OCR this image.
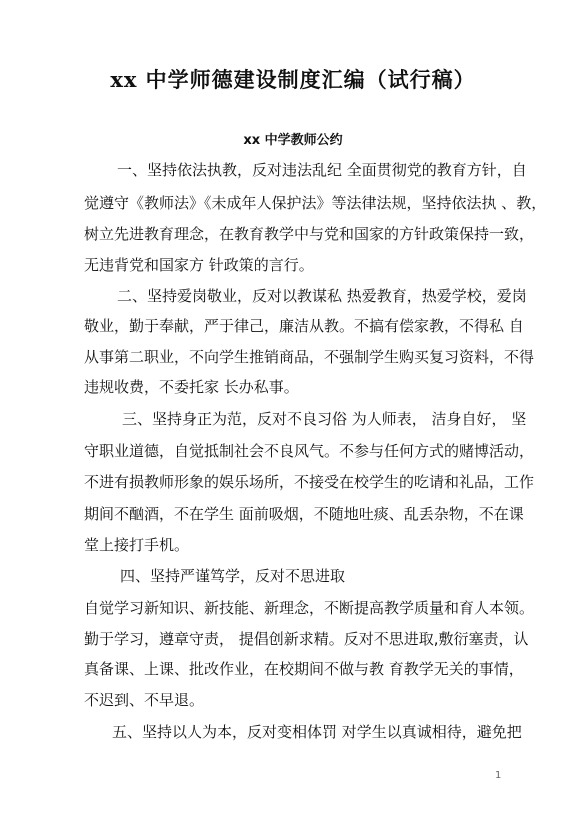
xx 中学师德建设制度汇编（试行稿）
xx 中学教师公约
一、坚持依法执教，反对违法乱纪 全面贯彻党的教育方针，自
觉遵守《教师法》《未成年人保护法》等法律法规，坚持依法执 、教，
树立先进教育理念，在教育教学中与党和国家的方针政策保持一致，
无违背党和国家方 针政策的言行。
二、坚持爱岗敬业，反对以教谋私 热爱教育，热爱学校，爱岗
敬业，勤于奉献，严于律己，廉洁从教。不搞有偿家教，不得私 自
从事第二职业，不向学生推销商品，不强制学生购买复习资料，不得
违规收费，不委托家 长办私事。
三、坚持身正为范，反对不良习俗 为人师表， 洁身自好， 坚
守职业道德，自觉抵制社会不良风气。不参与任何方式的赌博活动，
不进有损教师形象的娱乐场所，不接受在校学生的吃请和礼品，工作
期间不酗酒，不在学生 面前吸烟，不随地吐痰、乱丢杂物，不在课
堂上接打手机。
四、坚持严谨笃学，反对不思进取
自觉学习新知识、新技能、新理念，不断提高教学质量和育人本领。
勤于学习，遵章守责， 提倡创新求精。反对不思进取,敷衍塞责，认
真备课、上课、批改作业，在校期间不做与教 育教学无关的事情，
不迟到、不早退。
五、坚持以人为本，反对变相体罚 对学生以真诚相待，避免把
1
